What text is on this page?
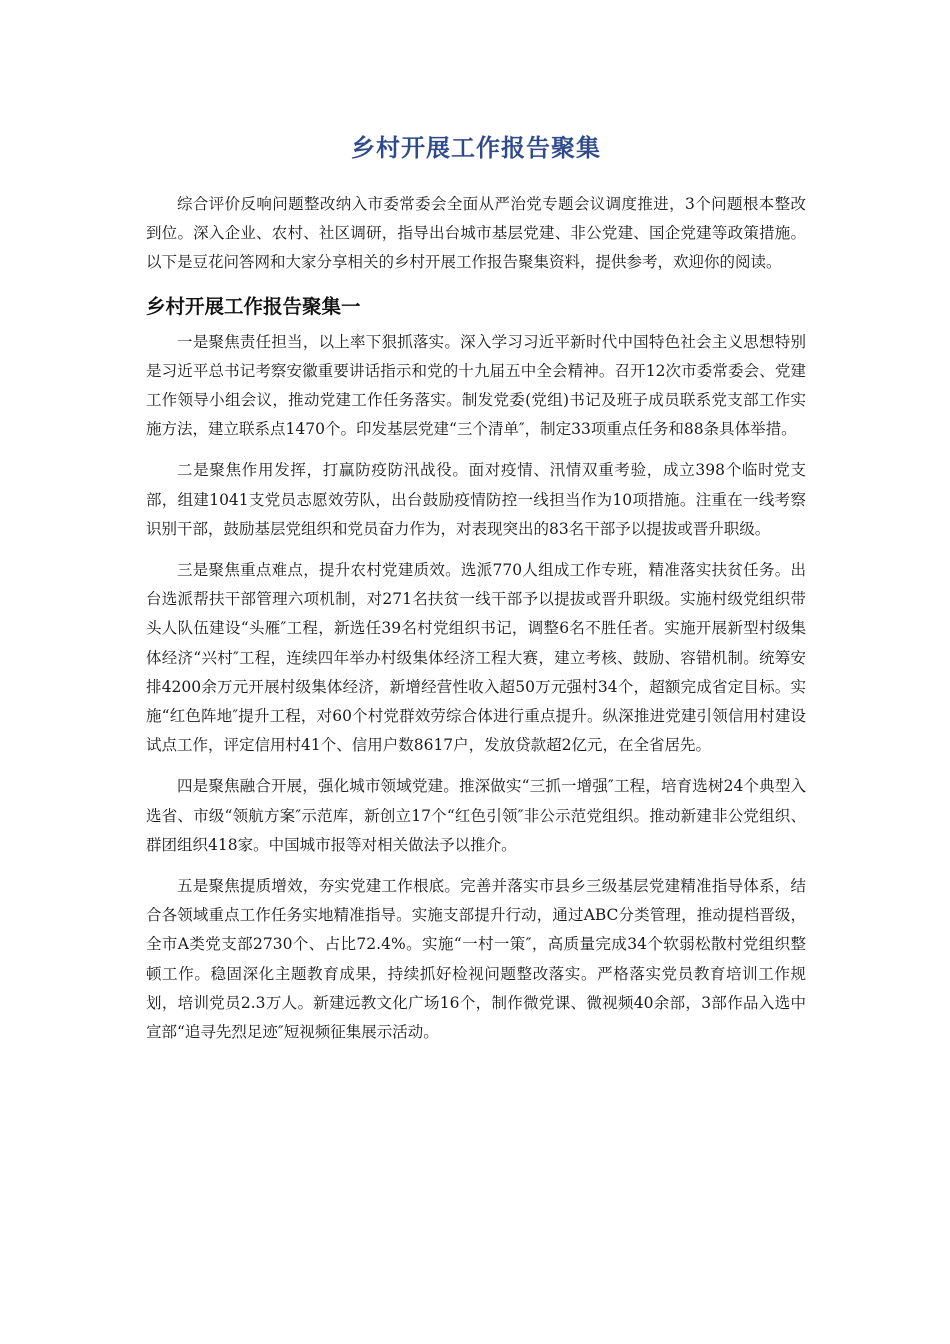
乡村开展工作报告聚集

综合评价反响问题整改纳入市委常委会全面从严治党专题会议调度推进，3个问题根本整改到位。深入企业、农村、社区调研，指导出台城市基层党建、非公党建、国企党建等政策措施。以下是豆花问答网和大家分享相关的乡村开展工作报告聚集资料，提供参考，欢迎你的阅读。

乡村开展工作报告聚集一

一是聚焦责任担当，以上率下狠抓落实。深入学习习近平新时代中国特色社会主义思想特别是习近平总书记考察安徽重要讲话指示和党的十九届五中全会精神。召开12次市委常委会、党建工作领导小组会议，推动党建工作任务落实。制发党委(党组)书记及班子成员联系党支部工作实施方法，建立联系点1470个。印发基层党建“三个清单″，制定33项重点任务和88条具体举措。

二是聚焦作用发挥，打赢防疫防汛战役。面对疫情、汛情双重考验，成立398个临时党支部，组建1041支党员志愿效劳队，出台鼓励疫情防控一线担当作为10项措施。注重在一线考察识别干部，鼓励基层党组织和党员奋力作为，对表现突出的83名干部予以提拔或晋升职级。

三是聚焦重点难点，提升农村党建质效。选派770人组成工作专班，精准落实扶贫任务。出台选派帮扶干部管理六项机制，对271名扶贫一线干部予以提拔或晋升职级。实施村级党组织带头人队伍建设“头雁″工程，新选任39名村党组织书记，调整6名不胜任者。实施开展新型村级集体经济“兴村″工程，连续四年举办村级集体经济工程大赛，建立考核、鼓励、容错机制。统筹安排4200余万元开展村级集体经济，新增经营性收入超50万元强村34个，超额完成省定目标。实施“红色阵地″提升工程，对60个村党群效劳综合体进行重点提升。纵深推进党建引领信用村建设试点工作，评定信用村41个、信用户数8617户，发放贷款超2亿元，在全省居先。

四是聚焦融合开展，强化城市领域党建。推深做实“三抓一增强″工程，培育选树24个典型入选省、市级“领航方案″示范库，新创立17个“红色引领″非公示范党组织。推动新建非公党组织、群团组织418家。中国城市报等对相关做法予以推介。

五是聚焦提质增效，夯实党建工作根底。完善并落实市县乡三级基层党建精准指导体系，结合各领域重点工作任务实地精准指导。实施支部提升行动，通过ABC分类管理，推动提档晋级，全市A类党支部2730个、占比72.4%。实施“一村一策″，高质量完成34个软弱松散村党组织整顿工作。稳固深化主题教育成果，持续抓好检视问题整改落实。严格落实党员教育培训工作规划，培训党员2.3万人。新建远教文化广场16个，制作微党课、微视频40余部，3部作品入选中宣部“追寻先烈足迹″短视频征集展示活动。
